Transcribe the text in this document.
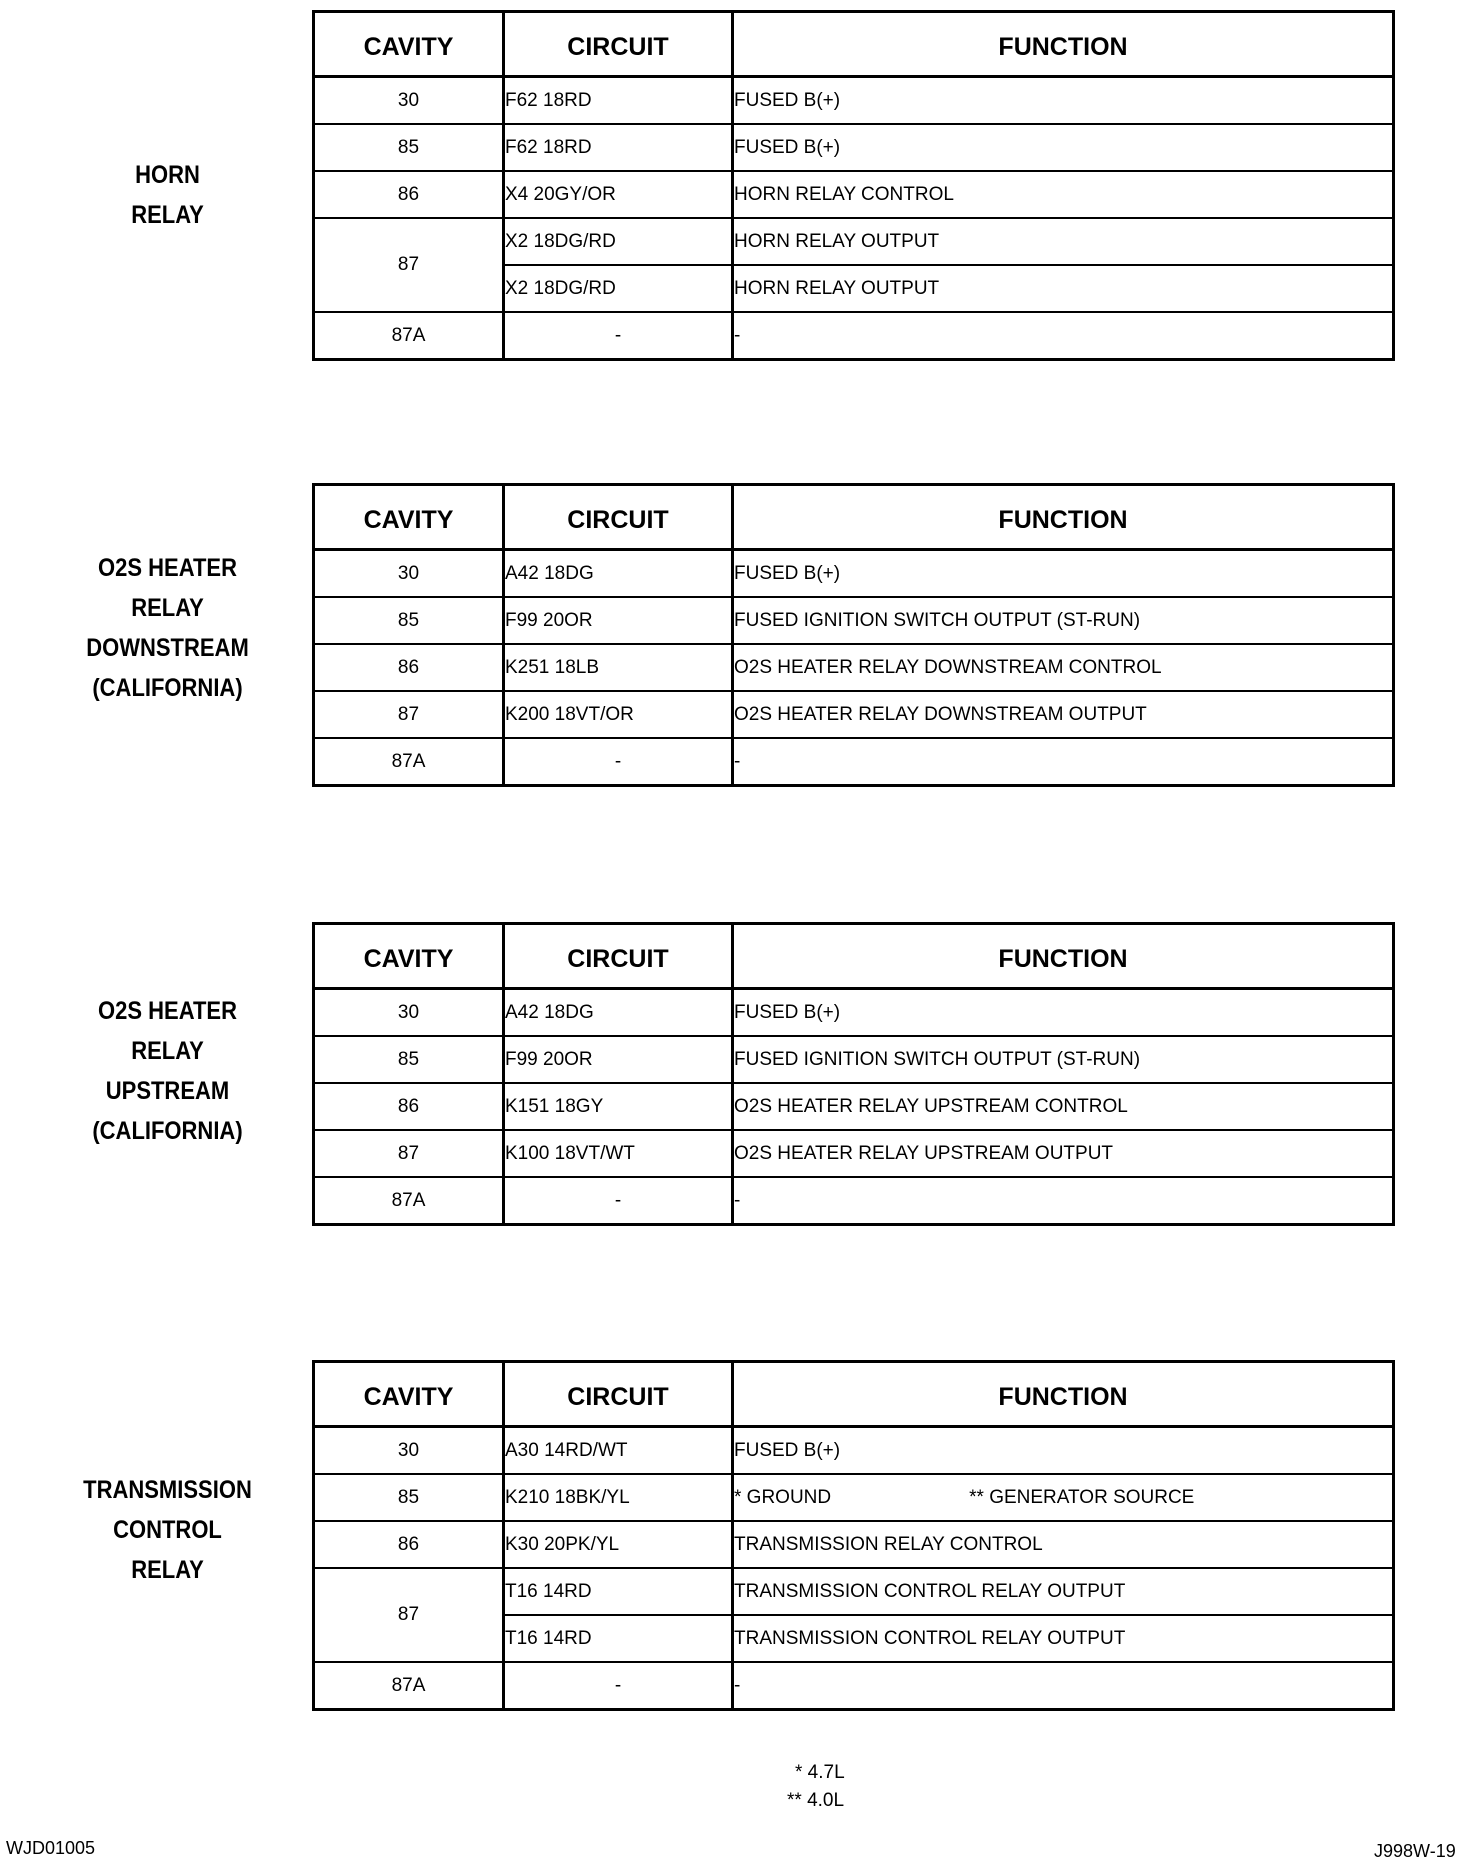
HORN
RELAY
CAVITY	CIRCUIT	FUNCTION
30	F62 18RD	FUSED B(+)
85	F62 18RD	FUSED B(+)
86	X4 20GY/OR	HORN RELAY CONTROL
87	X2 18DG/RD	HORN RELAY OUTPUT
	X2 18DG/RD	HORN RELAY OUTPUT
87A	-	-
O2S HEATER
RELAY
DOWNSTREAM
(CALIFORNIA)
CAVITY	CIRCUIT	FUNCTION
30	A42 18DG	FUSED B(+)
85	F99 20OR	FUSED IGNITION SWITCH OUTPUT (ST-RUN)
86	K251 18LB	O2S HEATER RELAY DOWNSTREAM CONTROL
87	K200 18VT/OR	O2S HEATER RELAY DOWNSTREAM OUTPUT
87A	-	-
O2S HEATER
RELAY
UPSTREAM
(CALIFORNIA)
CAVITY	CIRCUIT	FUNCTION
30	A42 18DG	FUSED B(+)
85	F99 20OR	FUSED IGNITION SWITCH OUTPUT (ST-RUN)
86	K151 18GY	O2S HEATER RELAY UPSTREAM CONTROL
87	K100 18VT/WT	O2S HEATER RELAY UPSTREAM OUTPUT
87A	-	-
TRANSMISSION
CONTROL
RELAY
CAVITY	CIRCUIT	FUNCTION
30	A30 14RD/WT	FUSED B(+)
85	K210 18BK/YL	* GROUND ** GENERATOR SOURCE
86	K30 20PK/YL	TRANSMISSION RELAY CONTROL
87	T16 14RD	TRANSMISSION CONTROL RELAY OUTPUT
	T16 14RD	TRANSMISSION CONTROL RELAY OUTPUT
87A	-	-
* 4.7L
** 4.0L
WJD01005	J998W-19
